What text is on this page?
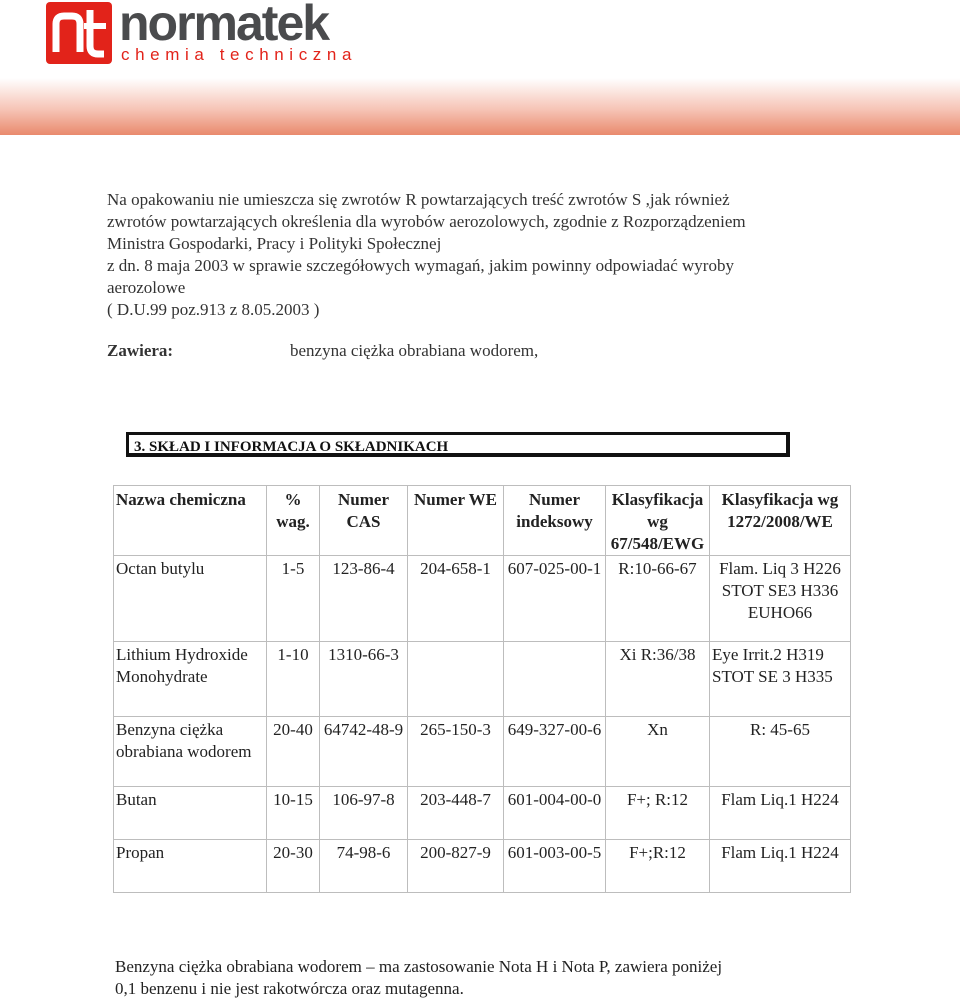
normatek
chemia techniczna

Na opakowaniu nie umieszcza się zwrotów R powtarzających treść zwrotów S ,jak również

zwrotów powtarzających określenia dla wyrobów aerozolowych, zgodnie z Rozporządzeniem

Ministra Gospodarki, Pracy i Polityki Społecznej

z dn. 8 maja 2003 w sprawie szczegółowych wymagań, jakim powinny odpowiadać wyroby

aerozolowe

( D.U.99 poz.913 z 8.05.2003 )

Zawiera:	benzyna ciężka obrabiana wodorem,
3. SKŁAD I INFORMACJA O SKŁADNIKACH
Nazwa chemiczna	% wag.	Numer CAS	Numer WE	Numer indeksowy	Klasyfikacja wg 67/548/EWG	Klasyfikacja wg 1272/2008/WE
Octan butylu	1-5	123-86-4	204-658-1	607-025-00-1	R:10-66-67	Flam. Liq 3 H226 STOT SE3 H336 EUHO66
Lithium Hydroxide Monohydrate	1-10	1310-66-3			Xi R:36/38	Eye Irrit.2 H319 STOT SE 3 H335
Benzyna ciężka obrabiana wodorem	20-40	64742-48-9	265-150-3	649-327-00-6	Xn	R: 45-65
Butan	10-15	106-97-8	203-448-7	601-004-00-0	F+; R:12	Flam Liq.1 H224
Propan	20-30	74-98-6	200-827-9	601-003-00-5	F+;R:12	Flam Liq.1 H224

Benzyna ciężka obrabiana wodorem – ma zastosowanie Nota H i Nota P, zawiera poniżej

0,1 benzenu i nie jest rakotwórcza oraz mutagenna.
